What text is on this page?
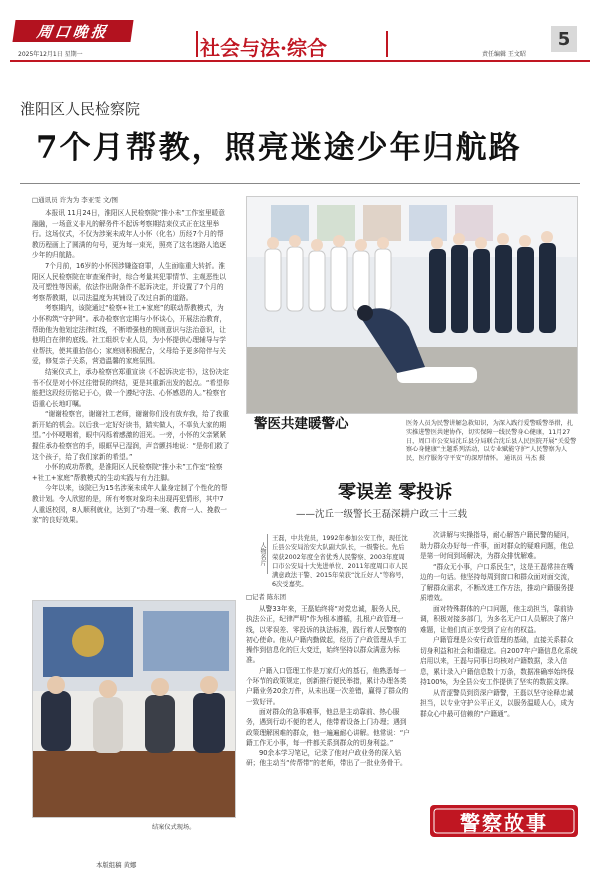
周口晚报
2025年12月1日 星期一	社会与法·综合	责任编辑 王文昭
5
淮阳区人民检察院
7个月帮教，照亮迷途少年归航路
□通讯员 许为为 李亚雯 文/图

本报讯 11月24日，淮阳区人民检察院“推小未”工作室里暖意融融，一场意义非凡的解务件不起诉考察期结束仪式正在这里举行。这场仪式，不仅为涉案未成年人小怀（化名）历经7个月的帮教历程画上了圆满的句号，更为每一束光，照亮了这名迷路人追逐少年的归航路。

7个月前，16岁的小怀因涉嫌盗窃罪，人生面临重大转折。淮阳区人民检察院在审查案件时，综合考量其犯罪情节、主观恶性以及可塑性等因素，依法作出附条件不起诉决定，并设置了7个月的考察帮教期，以司法温度为其铺设了改过自新的道路。

考察期内，该院通过“检察+社工+家庭”的联动帮教模式，为小怀构筑“守护网”。承办检察官定期与小怀谈心，开展法治教育，帮助他为他划定法律红线，不断增强他的规则意识与法治意识，让他明白在律的底线。社工组织专业人员，为小怀提供心理辅导与学业帮扶，使其重拾信心；家庭则积极配合，父母给予更多陪伴与关爱，修复亲子关系，营造温馨的家庭氛围。

结案仪式上，承办检察官郑重宣读《不起诉决定书》，这份决定书不仅是对小怀过往错误的终结，更是其重新出发的起点。“希望你能把这段经历铭记于心，做一个遵纪守法、心怀感恩的人。”检察官语重心长地叮嘱。

“谢谢检察官，谢谢社工老师，谢谢你们没有放弃我，给了我重新开始的机会。以后我一定好好读书，踏实做人，不辜负大家的期望。”小怀哽咽着，眼中闪烁着感激的泪光。一旁，小怀的父亲紧紧握住承办检察官的手，眼眶早已湿润，声音颤抖地说：“是你们救了这个孩子，给了我们家新的希望。”

小怀的成功帮教，是淮阳区人民检察院“推小未”工作室“检察+社工+家庭”帮教模式的生动实践与有力注脚。

今年以来，该院已为15名涉案未成年人量身定制了个性化的帮教计划。令人欣慰的是，所有考察对象均未出现再犯情形，其中7人重返校园，8人顺利就业，达到了“办理一案、教育一人、挽救一家”的良好效果。

警医共建暖警心	医务人员为民警讲解急救知识，为深入践行爱警暖警举措，扎实推进警医共建协作，切实保障一线民警身心健康，11月27日，周口市公安局沈丘县分局联合沈丘县人民医院开展“关爱警察心身健康”主题系列活动，以专业赋能守护“人民警察为人民，医疗服务守平安”的深厚情怀。 通讯员 马杰 摄
零误差 零投诉
——沈丘一级警长王磊深耕户政三十三载
人物名片
王磊，中共党员，1992年参加公安工作，现任沈丘县公安局治安大队副大队长，一级警长。先后荣获2002年度全省优秀人民警察、2003年度周口市公安局十大先进单位、2011年度周口市人民满意政法干警、2015年荣获“沈丘好人”等称号，6次受嘉奖。
□记者 陈东团

从警33年来，王磊始终将“对党忠诚，服务人民，执法公正，纪律严明”作为根本遵循，扎根户政管理一线，以零误差、零投诉的执法标准，践行着人民警察的初心使命。他从户籍内勤做起，经历了户政管理从手工操作到信息化的巨大变迁，始终坚持以群众满意为标准。

户籍入口管理工作是万家灯火的基石，他熟悉每一个环节的政策规定，创新推行便民举措，累计办理各类户籍业务20余万件，从未出现一次差错，赢得了群众的一致好评。

面对群众的急事难事，他总是主动靠前、热心服务，遇到行动不便的老人，他带着设备上门办理；遇到政策理解困难的群众，他一遍遍耐心讲解。他常说：“户籍工作无小事，每一件都关系到群众的切身利益。”

90余本学习笔记，记录了他对户政业务的深入钻研；他主动当“传帮带”的老师，带出了一批业务骨干。

次讲解与实操指导，耐心解答户籍民警的疑问，助力群众办好每一件事，面对群众的疑难问题，他总是第一时间到场解决，为群众排忧解难。

“群众无小事，户口系民生”，这是王磊常挂在嘴边的一句话。他坚持每周到窗口和群众面对面交流，了解群众需求，不断改进工作方法，推动户籍服务提质增效。

面对特殊群体的户口问题，他主动担当，靠前协调，积极对接多部门，为多名无户口人员解决了落户难题，让他们真正享受到了应有的权益。

户籍管理是公安行政管理的基础，直接关系群众切身利益和社会和谐稳定。自2007年户籍信息化系统启用以来，王磊与同事日均核对户籍数据，录入信息，累计录入户籍信息数十万条，数据准确率始终保持100%，为全县公安工作提供了坚实的数据支撑。

从青涩警员到资深户籍警，王磊以坚守诠释忠诚担当，以专业守护公平正义，以服务温暖人心，成为群众心中最可信赖的“户籍通”。

结案仪式现场。	警察故事
本版组稿 黄娜
